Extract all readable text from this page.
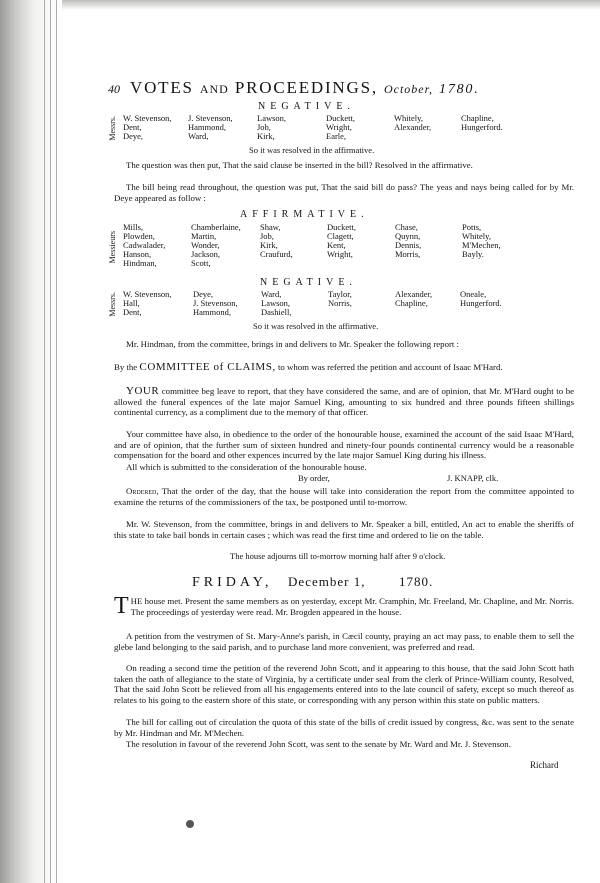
40 VOTES AND PROCEEDINGS, October, 1780.
NEGATIVE.
Messrs. W. Stevenson,
Dent,
Deye,
J. Stevenson,
Hammond,
Ward,
Lawson,
Job,
Kirk,
Duckett,
Wright,
Earle,
Whitely,
Alexander,
Chapline,
Hungerford.
So it was resolved in the affirmative.
The question was then put, That the said clause be inserted in the bill? Resolved in the affirmative.
The bill being read throughout, the question was put, That the said bill do pass? The yeas and nays being called for by Mr. Deye appeared as follow :
AFFIRMATIVE.
Messieurs
Mills,
Plowden,
Cadwalader,
Hanson,
Hindman,
Chamberlaine,
Martin,
Wonder,
Jackson,
Scott,
Shaw,
Job,
Kirk,
Craufurd,
Duckett,
Clagett,
Kent,
Wright,
Chase,
Quynn,
Dennis,
Morris,
Potts,
Whitely,
M'Mechen,
Bayly.
NEGATIVE.
Messrs. W. Stevenson,
Hall,
Dent,
Deye,
J. Stevenson,
Hammond,
Ward,
Lawson,
Dashiell,
Taylor,
Norris,
Alexander,
Chapline,
Oneale,
Hungerford.
So it was resolved in the affirmative.
Mr. Hindman, from the committee, brings in and delivers to Mr. Speaker the following report :
By the COMMITTEE of CLAIMS, to whom was referred the petition and account of Isaac M'Hard.
YOUR committee beg leave to report, that they have considered the same, and are of opinion, that Mr. M'Hard ought to be allowed the funeral expences of the late major Samuel King, amounting to six hundred and three pounds fifteen shillings continental currency, as a compliment due to the memory of that officer.
Your committee have also, in obedience to the order of the honourable house, examined the account of the said Isaac M'Hard, and are of opinion, that the further sum of sixteen hundred and ninety-four pounds continental currency would be a reasonable compensation for the board and other expences incurred by the late major Samuel King during his illness.
All which is submitted to the consideration of the honourable house.
By order,	J. KNAPP, clk.
Ordered, That the order of the day, that the house will take into consideration the report from the committee appointed to examine the returns of the commissioners of the tax, be postponed until to-morrow.
Mr. W. Stevenson, from the committee, brings in and delivers to Mr. Speaker a bill, entitled, An act to enable the sheriffs of this state to take bail bonds in certain cases ; which was read the first time and ordered to lie on the table.
The house adjourns till to-morrow morning half after 9 o'clock.
FRIDAY, December 1,	1780.
THE house met. Present the same members as on yesterday, except Mr. Cramphin, Mr. Freeland, Mr. Chapline, and Mr. Norris. The proceedings of yesterday were read. Mr. Brogden appeared in the house.
A petition from the vestrymen of St. Mary-Anne's parish, in Cæcil county, praying an act may pass, to enable them to sell the glebe land belonging to the said parish, and to purchase land more convenient, was preferred and read.
On reading a second time the petition of the reverend John Scott, and it appearing to this house, that the said John Scott hath taken the oath of allegiance to the state of Virginia, by a certificate under seal from the clerk of Prince-William county, Resolved, That the said John Scott be relieved from all his engagements entered into to the late council of safety, except so much thereof as relates to his going to the eastern shore of this state, or corresponding with any person within this state on public matters.
The bill for calling out of circulation the quota of this state of the bills of credit issued by congress, &c. was sent to the senate by Mr. Hindman and Mr. M'Mechen.
The resolution in favour of the reverend John Scott, was sent to the senate by Mr. Ward and Mr. J. Stevenson.
Richard
